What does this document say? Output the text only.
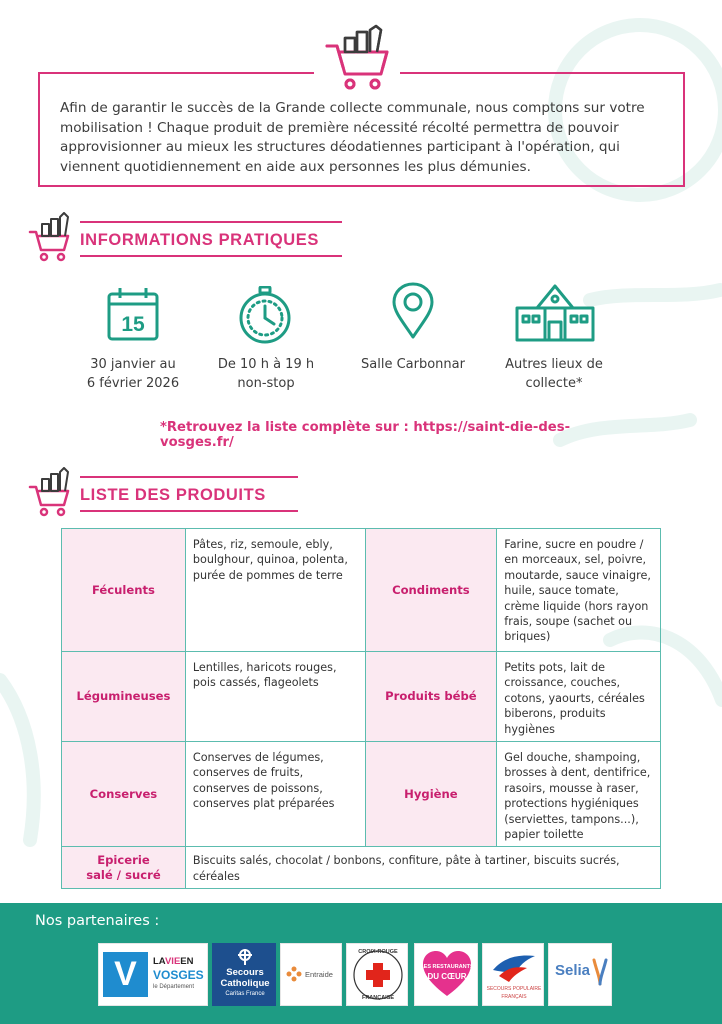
Afin de garantir le succès de la Grande collecte communale, nous comptons sur votre mobilisation ! Chaque produit de première nécessité récolté permettra de pouvoir approvisionner au mieux les structures déodatiennes participant à l'opération, qui viennent quotidiennement en aide aux personnes les plus démunies.

INFORMATIONS PRATIQUES
15
30 janvier au
6 février 2026
De 10 h à 19 h
non-stop
Salle Carbonnar	Autres lieux de
collecte*
*Retrouvez la liste complète sur : https://saint-die-des-vosges.fr/
LISTE DES PRODUITS
Féculents	Pâtes, riz, semoule, ebly, boulghour, quinoa, polenta, purée de pommes de terre	Condiments	Farine, sucre en poudre / en morceaux, sel, poivre, moutarde, sauce vinaigre, huile, sauce tomate, crème liquide (hors rayon frais, soupe (sachet ou briques)
Légumineuses	Lentilles, haricots rouges, pois cassés, flageolets	Produits bébé	Petits pots, lait de croissance, couches, cotons, yaourts, céréales biberons, produits hygiènes
Conserves	Conserves de légumes, conserves de fruits, conserves de poissons, conserves plat préparées	Hygiène	Gel douche, shampoing, brosses à dent, dentifrice, rasoirs, mousse à raser, protections hygiéniques (serviettes, tampons...), papier toilette
Epicerie
salé / sucré	Biscuits salés, chocolat / bonbons, confiture, pâte à tartiner, biscuits sucrés, céréales		
Nos partenaires :
V	LAVIEEN
VOSGES
le Département
Secours
Catholique
Caritas France
Entraide
CROIX-ROUGE
FRANÇAISE
LES RESTAURANTS
DU CŒUR
SECOURS POPULAIRE
FRANÇAIS
Selia
